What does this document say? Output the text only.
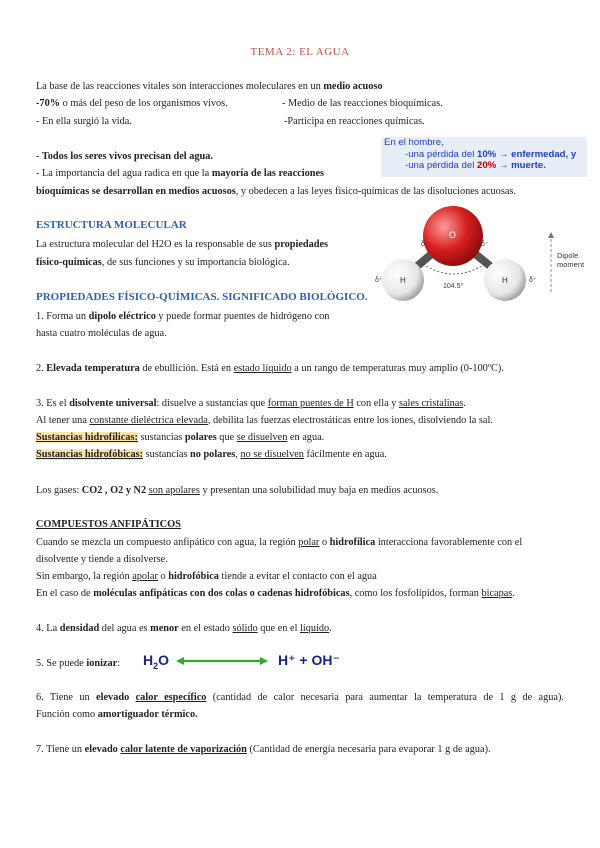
TEMA 2: EL AGUA
La base de las reacciones vitales son interacciones moleculares en un medio acuoso
-70% o más del peso de los organismos vivos.	- Medio de las reacciones bioquímicas.
- En ella surgió la vida.	-Participa en reacciones químicas.
- Todos los seres vivos precisan del agua.
- La importancia del agua radica en que la mayoría de las reacciones
bioquímicas se desarrollan en medios acuosos, y obedecen a las leyes físico-químicas de las disoluciones acuosas.
En el hombre,
-una pérdida del 10% → enfermedad, y
-una pérdida del 20% → muerte.
ESTRUCTURA MOLECULAR
La estructura molecular del H2O es la responsable de sus propiedades
físico-químicas, de sus funciones y su importancia biológica.
O
H	H
δ⁻	δ⁻
δ⁺	δ⁺
104.5°
Dipole
moment
PROPIEDADES FÍSICO-QUÍMICAS. SIGNIFICADO BIOLÓGICO.
1. Forma un dipolo eléctrico y puede formar puentes de hidrógeno con
hasta cuatro moléculas de agua.
2. Elevada temperatura de ebullición. Está en estado líquido a un rango de temperaturas muy amplio (0-100ºC).
3. Es el disolvente universal: disuelve a sustancias que forman puentes de H con ella y sales cristalinas.
Al tener una constante dieléctrica elevada, debilita las fuerzas electrostáticas entre los iones, disolviendo la sal.
Sustancias hidrofílicas: sustancias polares que se disuelven en agua.
Sustancias hidrofóbicas: sustancias no polares, no se disuelven fácilmente en agua.
Los gases: CO2 , O2 y N2 son apolares y presentan una solubilidad muy baja en medios acuosos.
COMPUESTOS ANFIPÁTICOS
Cuando se mezcla un compuesto anfipático con agua, la región polar o hidrofílica interacciona favorablemente con el
disolvente y tiende a disolverse.
Sin embargo, la región apolar o hidrofóbica tiende a evitar el contacto con el agua
En el caso de moléculas anfipáticas con dos colas o cadenas hidrofóbicas, como los fosfolípidos, forman bicapas.
4. La densidad del agua es menor en el estado sólido que en el líquido.
5. Se puede ionizar: $H_2O$	H⁺ + OH⁻
6. Tiene un elevado calor específico (cantidad de calor necesaria para aumentar la temperatura de 1 g de agua).
Función como amortiguador térmico.
7. Tiene un elevado calor latente de vaporización (Cantidad de energía necesaria para evaporar 1 g de agua).
